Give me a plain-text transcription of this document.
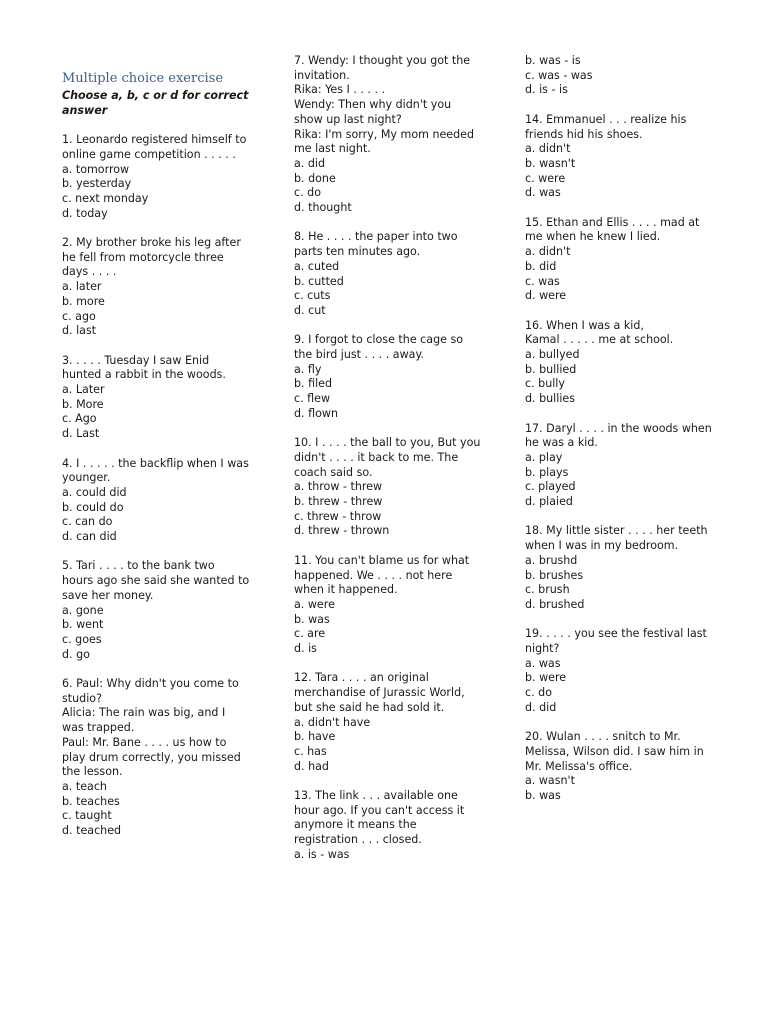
Multiple choice exercise
Choose a, b, c or d for correct answer
1. Leonardo registered himself to
online game competition . . . . .
a. tomorrow
b. yesterday
c. next monday
d. today
2. My brother broke his leg after
he fell from motorcycle three
days . . . .
a. later
b. more
c. ago
d. last
3. . . . . Tuesday I saw Enid
hunted a rabbit in the woods.
a. Later
b. More
c. Ago
d. Last
4. I . . . . . the backflip when I was
younger.
a. could did
b. could do
c. can do
d. can did
5. Tari . . . . to the bank two
hours ago she said she wanted to
save her money.
a. gone
b. went
c. goes
d. go
6. Paul: Why didn't you come to
studio?
Alicia: The rain was big, and I
was trapped.
Paul: Mr. Bane . . . . us how to
play drum correctly, you missed
the lesson.
a. teach
b. teaches
c. taught
d. teached
7. Wendy: I thought you got the
invitation.
Rika: Yes I . . . . .
Wendy: Then why didn't you
show up last night?
Rika: I'm sorry, My mom needed
me last night.
a. did
b. done
c. do
d. thought
8. He . . . . the paper into two
parts ten minutes ago.
a. cuted
b. cutted
c. cuts
d. cut
9. I forgot to close the cage so
the bird just . . . . away.
a. fly
b. filed
c. flew
d. flown
10. I . . . . the ball to you, But you
didn't . . . . it back to me. The
coach said so.
a. throw - threw
b. threw - threw
c. threw - throw
d. threw - thrown
11. You can't blame us for what
happened. We . . . . not here
when it happened.
a. were
b. was
c. are
d. is
12. Tara . . . . an original
merchandise of Jurassic World,
but she said he had sold it.
a. didn't have
b. have
c. has
d. had
13. The link . . . available one
hour ago. If you can't access it
anymore it means the
registration . . . closed.
a. is - was
b. was - is
c. was - was
d. is - is
14. Emmanuel . . . realize his
friends hid his shoes.
a. didn't
b. wasn't
c. were
d. was
15. Ethan and Ellis . . . . mad at
me when he knew I lied.
a. didn't
b. did
c. was
d. were
16. When I was a kid,
Kamal . . . . . me at school.
a. bullyed
b. bullied
c. bully
d. bullies
17. Daryl . . . . in the woods when
he was a kid.
a. play
b. plays
c. played
d. plaied
18. My little sister . . . . her teeth
when I was in my bedroom.
a. brushd
b. brushes
c. brush
d. brushed
19. . . . . you see the festival last
night?
a. was
b. were
c. do
d. did
20. Wulan . . . . snitch to Mr.
Melissa, Wilson did. I saw him in
Mr. Melissa's office.
a. wasn't
b. was
